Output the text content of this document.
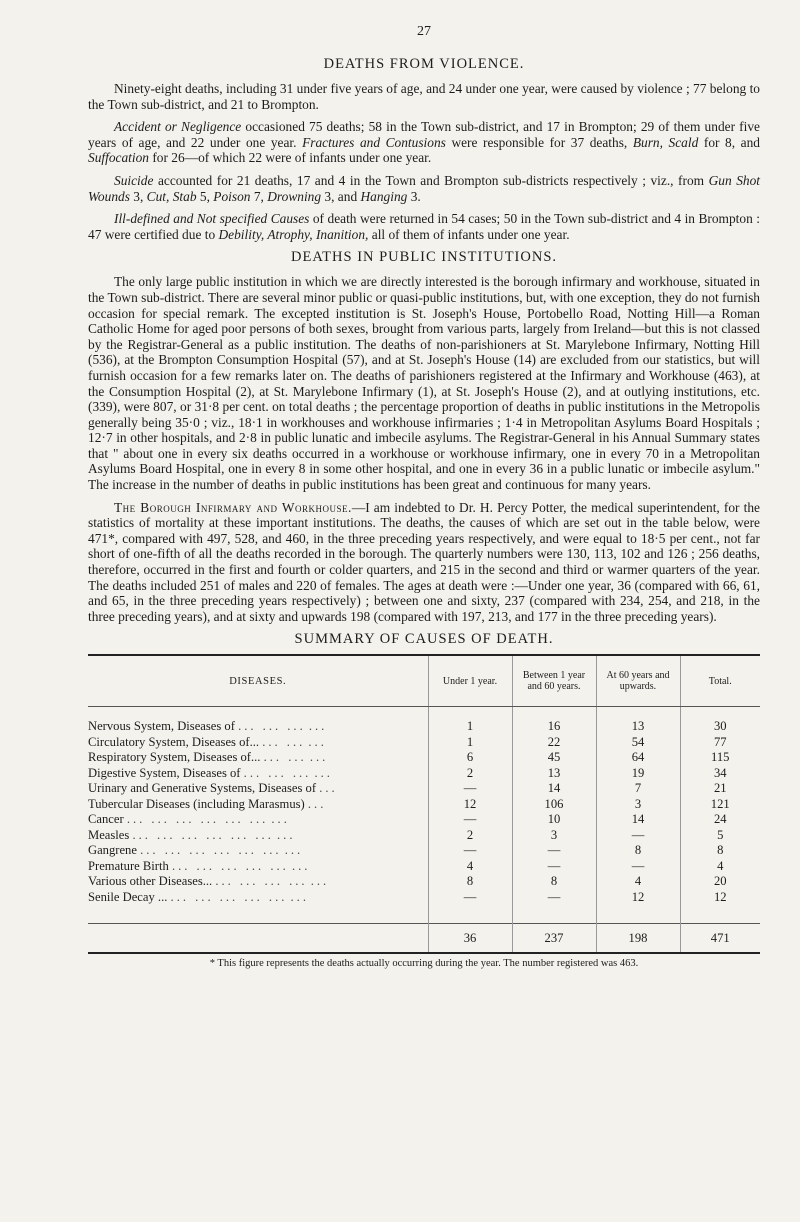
27
DEATHS FROM VIOLENCE.

Ninety-eight deaths, including 31 under five years of age, and 24 under one year, were caused by violence ; 77 belong to the Town sub-district, and 21 to Brompton.

Accident or Negligence occasioned 75 deaths; 58 in the Town sub-district, and 17 in Brompton; 29 of them under five years of age, and 22 under one year. Fractures and Contusions were responsible for 37 deaths, Burn, Scald for 8, and Suffocation for 26—of which 22 were of infants under one year.

Suicide accounted for 21 deaths, 17 and 4 in the Town and Brompton sub-districts respectively ; viz., from Gun Shot Wounds 3, Cut, Stab 5, Poison 7, Drowning 3, and Hanging 3.

Ill-defined and Not specified Causes of death were returned in 54 cases; 50 in the Town sub-district and 4 in Brompton : 47 were certified due to Debility, Atrophy, Inanition, all of them of infants under one year.

DEATHS IN PUBLIC INSTITUTIONS.

The only large public institution in which we are directly interested is the borough infirmary and workhouse, situated in the Town sub-district. There are several minor public or quasi-public institutions, but, with one exception, they do not furnish occasion for special remark. The excepted institution is St. Joseph's House, Portobello Road, Notting Hill—a Roman Catholic Home for aged poor persons of both sexes, brought from various parts, largely from Ireland—but this is not classed by the Registrar-General as a public institution. The deaths of non-parishioners at St. Marylebone Infirmary, Notting Hill (536), at the Brompton Consumption Hospital (57), and at St. Joseph's House (14) are excluded from our statistics, but will furnish occasion for a few remarks later on. The deaths of parishioners registered at the Infirmary and Workhouse (463), at the Consumption Hospital (2), at St. Marylebone Infirmary (1), at St. Joseph's House (2), and at outlying institutions, etc. (339), were 807, or 31·8 per cent. on total deaths ; the percentage proportion of deaths in public institutions in the Metropolis generally being 35·0 ; viz., 18·1 in workhouses and workhouse infirmaries ; 1·4 in Metropolitan Asylums Board Hospitals ; 12·7 in other hospitals, and 2·8 in public lunatic and imbecile asylums. The Registrar-General in his Annual Summary states that " about one in every six deaths occurred in a workhouse or workhouse infirmary, one in every 70 in a Metropolitan Asylums Board Hospital, one in every 8 in some other hospital, and one in every 36 in a public lunatic or imbecile asylum." The increase in the number of deaths in public institutions has been great and continuous for many years.

The Borough Infirmary and Workhouse.—I am indebted to Dr. H. Percy Potter, the medical superintendent, for the statistics of mortality at these important institutions. The deaths, the causes of which are set out in the table below, were 471*, compared with 497, 528, and 460, in the three preceding years respectively, and were equal to 18·5 per cent., not far short of one-fifth of all the deaths recorded in the borough. The quarterly numbers were 130, 113, 102 and 126 ; 256 deaths, therefore, occurred in the first and fourth or colder quarters, and 215 in the second and third or warmer quarters of the year. The deaths included 251 of males and 220 of females. The ages at death were :—Under one year, 36 (compared with 66, 61, and 65, in the three preceding years respectively) ; between one and sixty, 237 (compared with 234, 254, and 218, in the three preceding years), and at sixty and upwards 198 (compared with 197, 213, and 177 in the three preceding years).

SUMMARY OF CAUSES OF DEATH.
DISEASES.	Under 1 year.	Between 1 year and 60 years.	At 60 years and upwards.	Total.

Nervous System, Diseases of ... ... ... ...	1	16	13	30
Circulatory System, Diseases of... ... ... ...	1	22	54	77
Respiratory System, Diseases of... ... ... ...	6	45	64	115
Digestive System, Diseases of ... ... ... ...	2	13	19	34
Urinary and Generative Systems, Diseases of ...	—	14	7	21
Tubercular Diseases (including Marasmus) ...	12	106	3	121
Cancer ... ... ... ... ... ... ...	—	10	14	24
Measles ... ... ... ... ... ... ...	2	3	—	5
Gangrene ... ... ... ... ... ... ...	—	—	8	8
Premature Birth ... ... ... ... ... ...	4	—	—	4
Various other Diseases... ... ... ... ... ...	8	8	4	20
Senile Decay ... ... ... ... ... ... ...	—	—	12	12

	36	237	198	471
* This figure represents the deaths actually occurring during the year. The number registered was 463.
